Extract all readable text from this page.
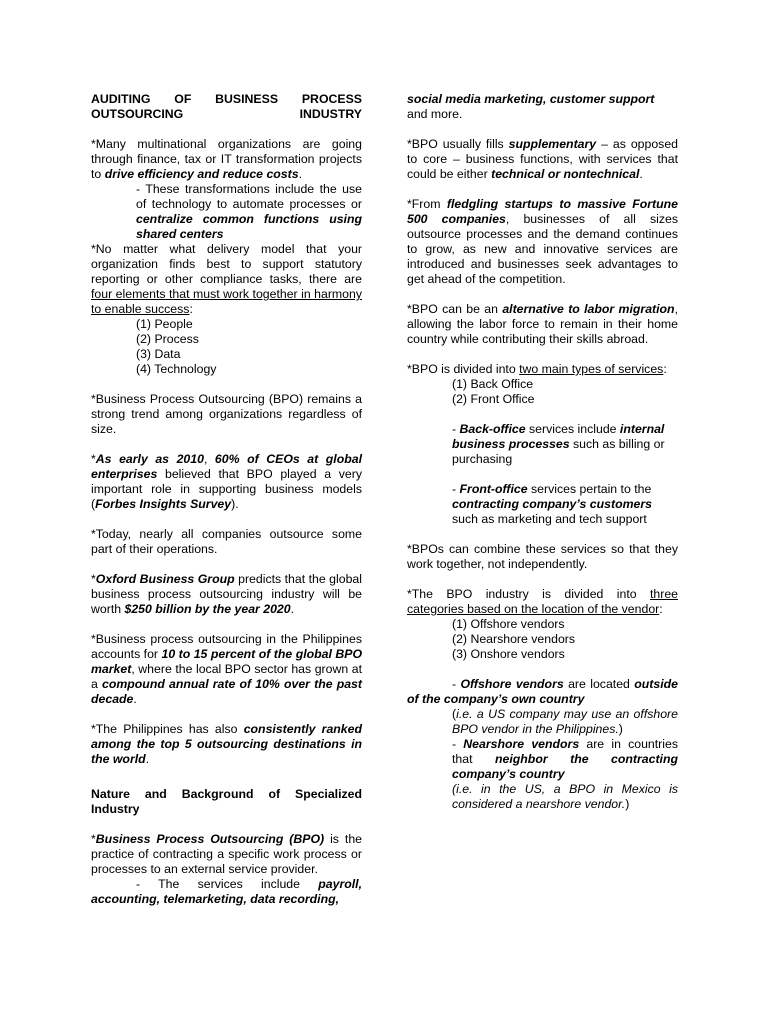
AUDITING OF BUSINESS PROCESS OUTSOURCING INDUSTRY

*Many multinational organizations are going through finance, tax or IT transformation projects to drive efficiency and reduce costs.

- These transformations include the use of technology to automate processes or centralize common functions using shared centers

*No matter what delivery model that your organization finds best to support statutory reporting or other compliance tasks, there are four elements that must work together in harmony to enable success:

(1) People
(2) Process
(3) Data
(4) Technology

*Business Process Outsourcing (BPO) remains a strong trend among organizations regardless of size.

*As early as 2010, 60% of CEOs at global enterprises believed that BPO played a very important role in supporting business models (Forbes Insights Survey).

*Today, nearly all companies outsource some part of their operations.

*Oxford Business Group predicts that the global business process outsourcing industry will be worth $250 billion by the year 2020.

*Business process outsourcing in the Philippines accounts for 10 to 15 percent of the global BPO market, where the local BPO sector has grown at a compound annual rate of 10% over the past decade.

*The Philippines has also consistently ranked among the top 5 outsourcing destinations in the world.

Nature and Background of Specialized Industry

*Business Process Outsourcing (BPO) is the practice of contracting a specific work process or processes to an external service provider.

- The services include payroll, accounting, telemarketing, data recording,

social media marketing, customer support
and more.

*BPO usually fills supplementary – as opposed to core – business functions, with services that could be either technical or nontechnical.

*From fledgling startups to massive Fortune 500 companies, businesses of all sizes outsource processes and the demand continues to grow, as new and innovative services are introduced and businesses seek advantages to get ahead of the competition.

*BPO can be an alternative to labor migration, allowing the labor force to remain in their home country while contributing their skills abroad.

*BPO is divided into two main types of services:

(1) Back Office
(2) Front Office

- Back-office services include internal business processes such as billing or purchasing

- Front-office services pertain to the contracting company’s customers such as marketing and tech support

*BPOs can combine these services so that they work together, not independently.

*The BPO industry is divided into three categories based on the location of the vendor:

(1) Offshore vendors
(2) Nearshore vendors
(3) Onshore vendors

- Offshore vendors are located outside of the company’s own country

(i.e. a US company may use an offshore BPO vendor in the Philippines.)

- Nearshore vendors are in countries that neighbor the contracting company’s country

(i.e. in the US, a BPO in Mexico is considered a nearshore vendor.)
